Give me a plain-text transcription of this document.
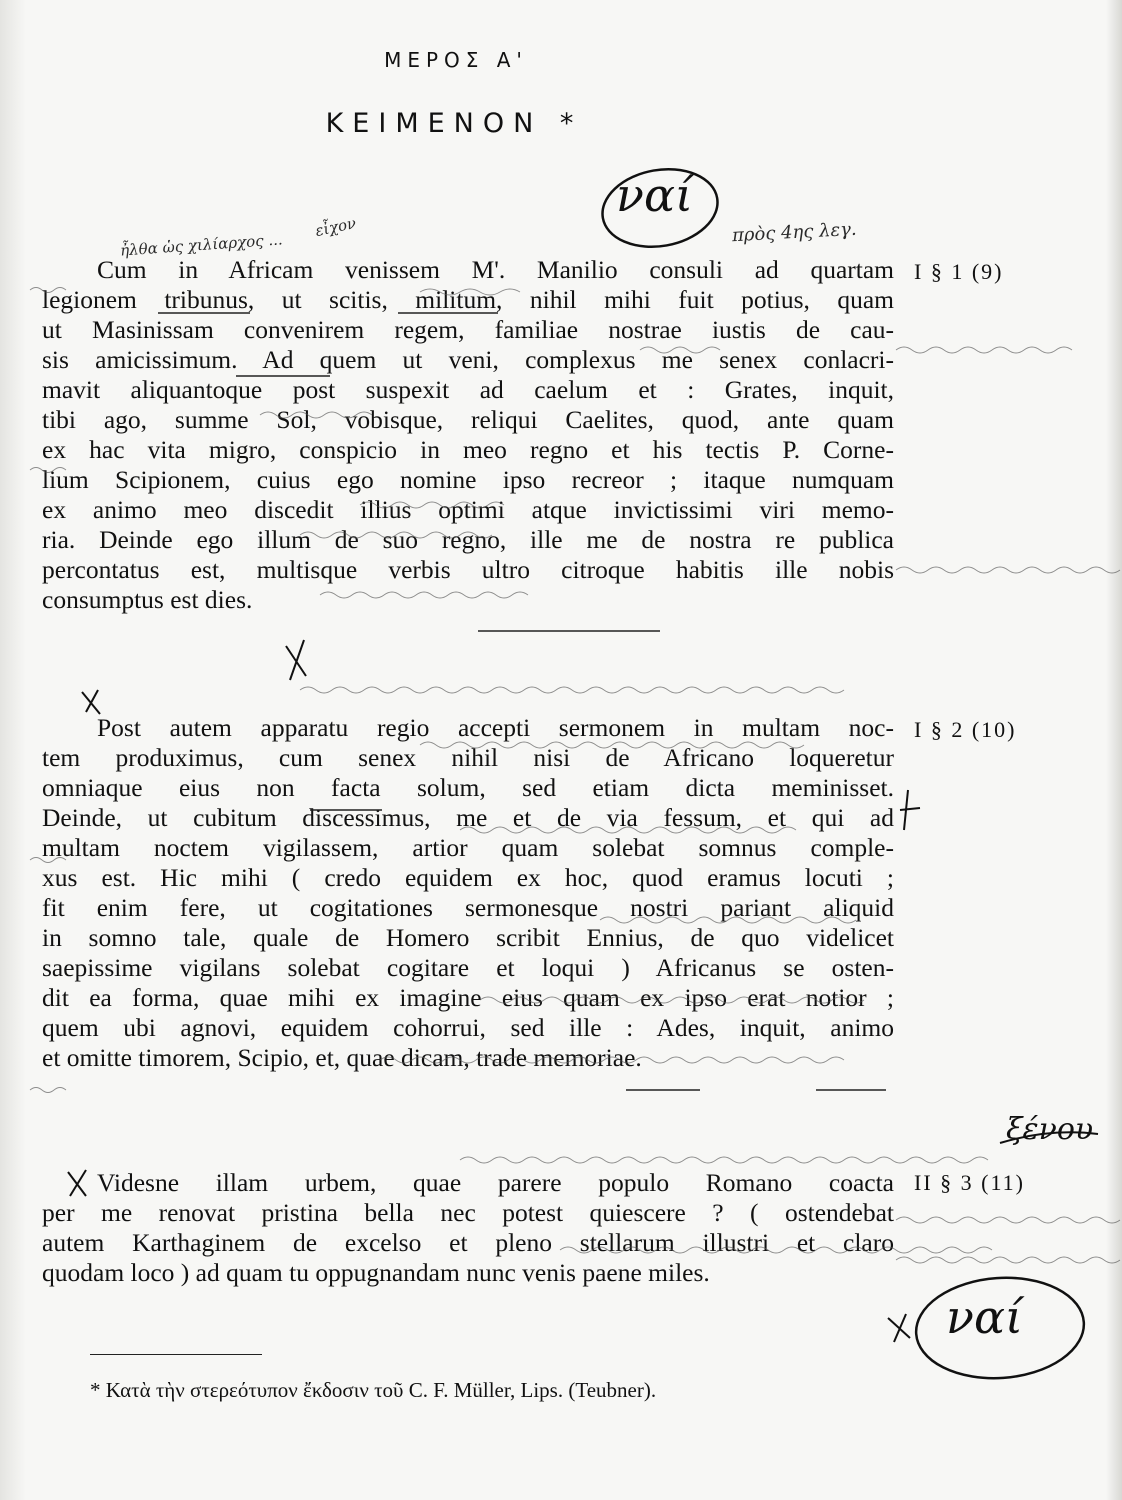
ΜΕΡΟΣ Α'
ΚΕΙΜΕΝΟΝ *
Cum in Africam venissem M'. Manilio consuli ad quartam
legionem tribunus, ut scitis, militum, nihil mihi fuit potius, quam
ut Masinissam convenirem regem, familiae nostrae iustis de cau-
sis amicissimum. Ad quem ut veni, complexus me senex conlacri-
mavit aliquantoque post suspexit ad caelum et : Grates, inquit,
tibi ago, summe Sol, vobisque, reliqui Caelites, quod, ante quam
ex hac vita migro, conspicio in meo regno et his tectis P. Corne-
lium Scipionem, cuius ego nomine ipso recreor ; itaque numquam
ex animo meo discedit illius optimi atque invictissimi viri memo-
ria. Deinde ego illum de suo regno, ille me de nostra re publica
percontatus est, multisque verbis ultro citroque habitis ille nobis
consumptus est dies.
I § 1 (9)
Post autem apparatu regio accepti sermonem in multam noc-
tem produximus, cum senex nihil nisi de Africano loqueretur
omniaque eius non facta solum, sed etiam dicta meminisset.
Deinde, ut cubitum discessimus, me et de via fessum, et qui ad
multam noctem vigilassem, artior quam solebat somnus comple-
xus est. Hic mihi ( credo equidem ex hoc, quod eramus locuti ;
fit enim fere, ut cogitationes sermonesque nostri pariant aliquid
in somno tale, quale de Homero scribit Ennius, de quo videlicet
saepissime vigilans solebat cogitare et loqui ) Africanus se osten-
dit ea forma, quae mihi ex imagine eius quam ex ipso erat notior ;
quem ubi agnovi, equidem cohorrui, sed ille : Ades, inquit, animo
et omitte timorem, Scipio, et, quae dicam, trade memoriae.
I § 2 (10)
Videsne illam urbem, quae parere populo Romano coacta
per me renovat pristina bella nec potest quiescere ? ( ostendebat
autem Karthaginem de excelso et pleno stellarum illustri et claro
quodam loco ) ad quam tu oppugnandam nunc venis paene miles.
II § 3 (11)
* Κατὰ τὴν στερεότυπον ἔκδοσιν τοῦ C. F. Müller, Lips. (Teubner).
ναί
ναί
ξένου
ἦλθα ὡς χιλίαρχος ...	πρὸς 4ης λεγ.
εἶχον
